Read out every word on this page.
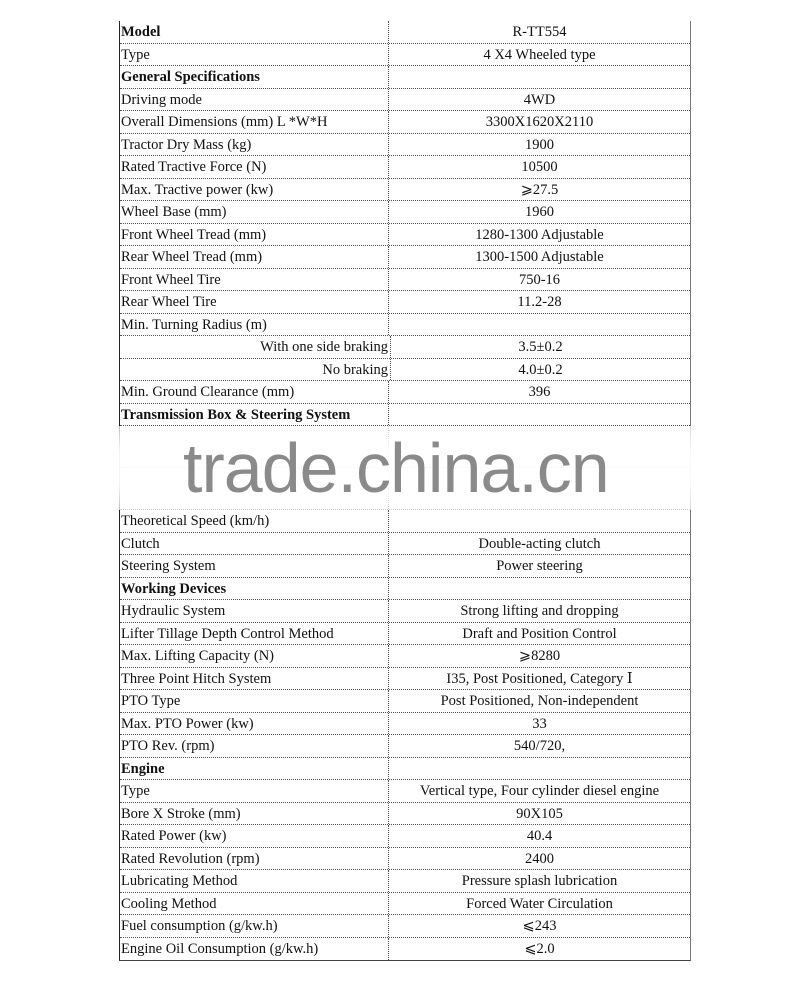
Model	R-TT554
Type	4 X4 Wheeled type
General Specifications
Driving mode	4WD
Overall Dimensions (mm) L *W*H	3300X1620X2110
Tractor Dry Mass (kg)	1900
Rated Tractive Force (N)	10500
Max. Tractive power (kw)	⩾27.5
Wheel Base (mm)	1960
Front Wheel Tread (mm)	1280-1300 Adjustable
Rear Wheel Tread (mm)	1300-1500 Adjustable
Front Wheel Tire	750-16
Rear Wheel Tire	11.2-28
Min. Turning Radius (m)
With one side braking	3.5±0.2
No braking	4.0±0.2
Min. Ground Clearance (mm)	396
Transmission Box & Steering System
Theoretical Speed (km/h)
Clutch	Double-acting clutch
Steering System	Power steering
Working Devices
Hydraulic System	Strong lifting and dropping
Lifter Tillage Depth Control Method	Draft and Position Control
Max. Lifting Capacity (N)	⩾8280
Three Point Hitch System	I35, Post Positioned, Category Ⅰ
PTO Type	Post Positioned, Non-independent
Max. PTO Power (kw)	33
PTO Rev. (rpm)	540/720,
Engine
Type	Vertical type, Four cylinder diesel engine
Bore X Stroke (mm)	90X105
Rated Power (kw)	40.4
Rated Revolution (rpm)	2400
Lubricating Method	Pressure splash lubrication
Cooling Method	Forced Water Circulation
Fuel consumption (g/kw.h)	⩽243
Engine Oil Consumption (g/kw.h)	⩽2.0
trade.china.cn
